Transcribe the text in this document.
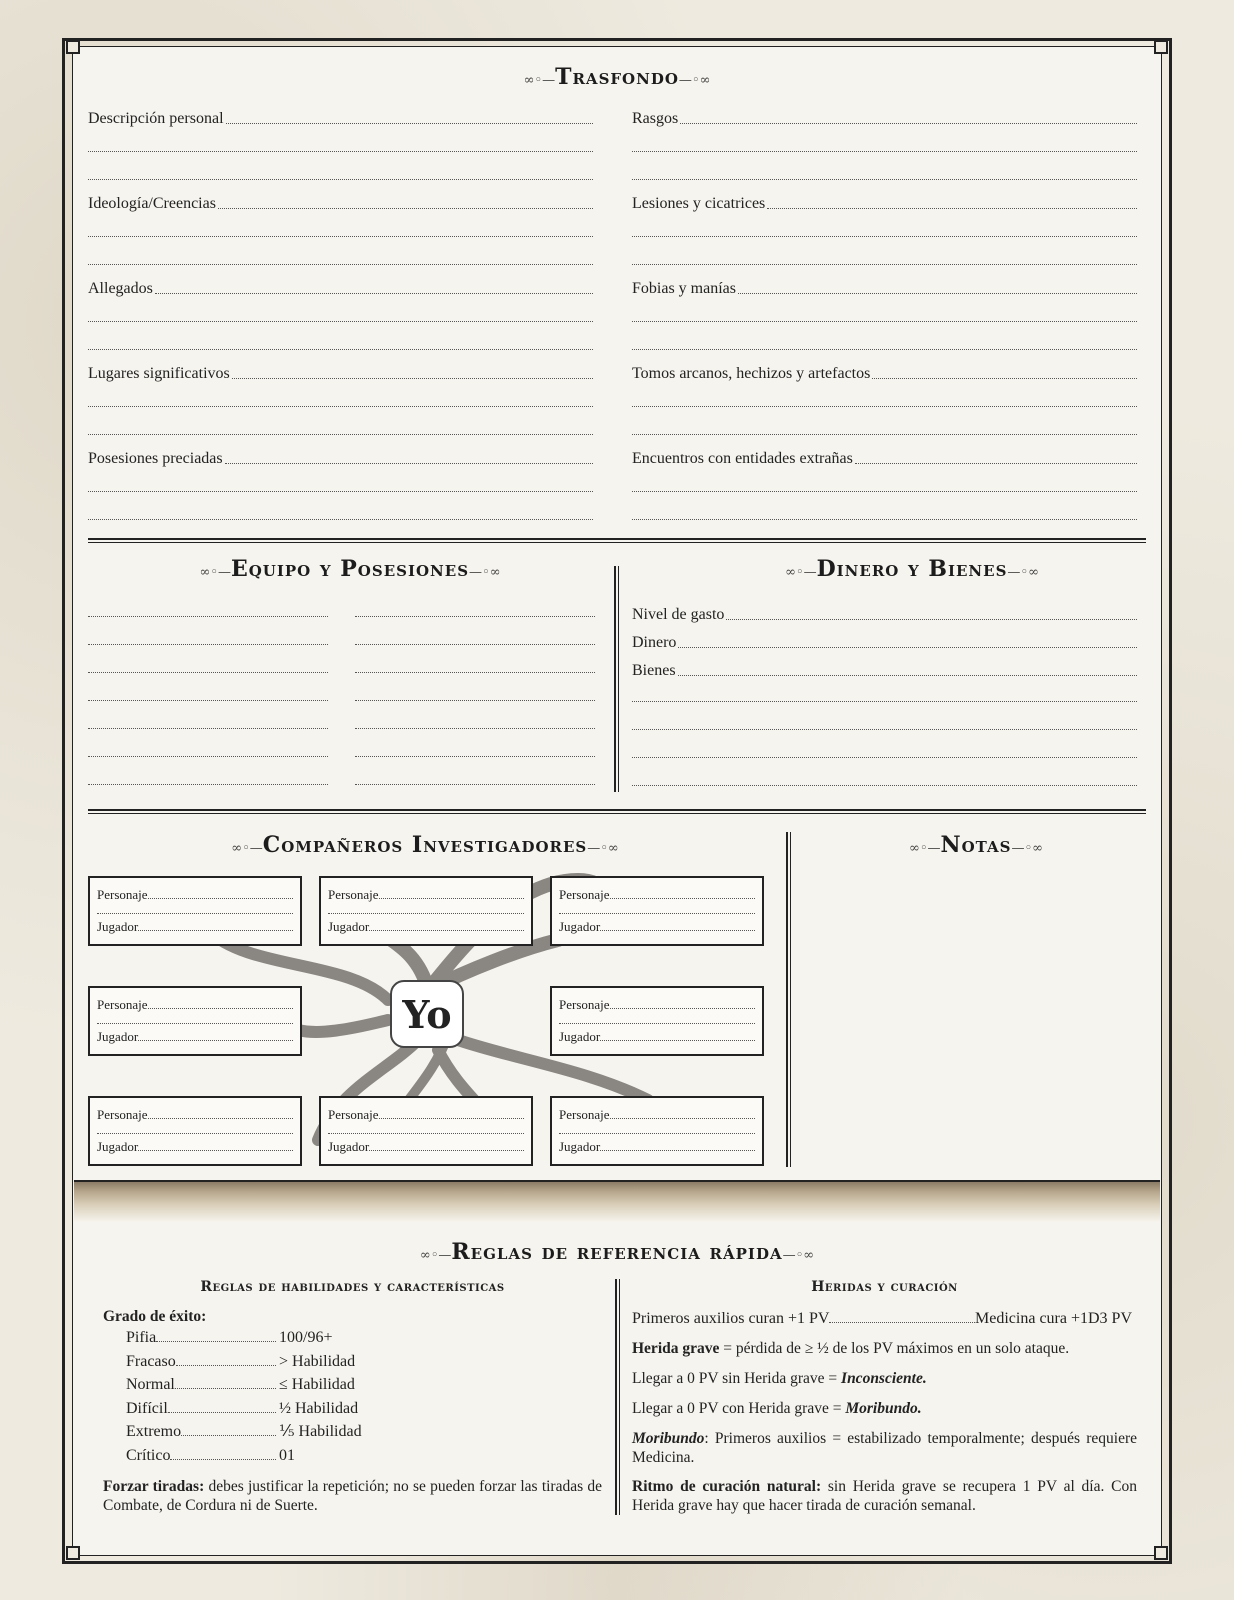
∞◦—Trasfondo—◦∞
Descripción personal
Ideología/Creencias
Allegados
Lugares significativos
Posesiones preciadas
Rasgos
Lesiones y cicatrices
Fobias y manías
Tomos arcanos, hechizos y artefactos
Encuentros con entidades extrañas
∞◦—Equipo y Posesiones—◦∞	∞◦—Dinero y Bienes—◦∞
Nivel de gasto
Dinero
Bienes
∞◦—Compañeros Investigadores—◦∞
Personaje
Jugador
Personaje
Jugador
Personaje
Jugador
Personaje
Jugador
Personaje
Jugador
Personaje
Jugador
Personaje
Jugador
Personaje
Jugador
Yo
∞◦—Notas—◦∞
∞◦—Reglas de referencia rápida—◦∞
Reglas de habilidades y características
Grado de éxito:
Pifia	100/96+
Fracaso	> Habilidad
Normal	≤ Habilidad
Difícil	½ Habilidad
Extremo	⅕ Habilidad
Crítico	01
Forzar tiradas: debes justificar la repetición; no se pueden forzar las tiradas de Combate, de Cordura ni de Suerte.
Heridas y curación
Primeros auxilios curan +1 PV	Medicina cura +1D3 PV
Herida grave = pérdida de ≥ ½ de los PV máximos en un solo ataque.
Llegar a 0 PV sin Herida grave = Inconsciente.
Llegar a 0 PV con Herida grave = Moribundo.
Moribundo: Primeros auxilios = estabilizado temporalmente; después requiere Medicina.
Ritmo de curación natural: sin Herida grave se recupera 1 PV al día. Con Herida grave hay que hacer tirada de curación semanal.
